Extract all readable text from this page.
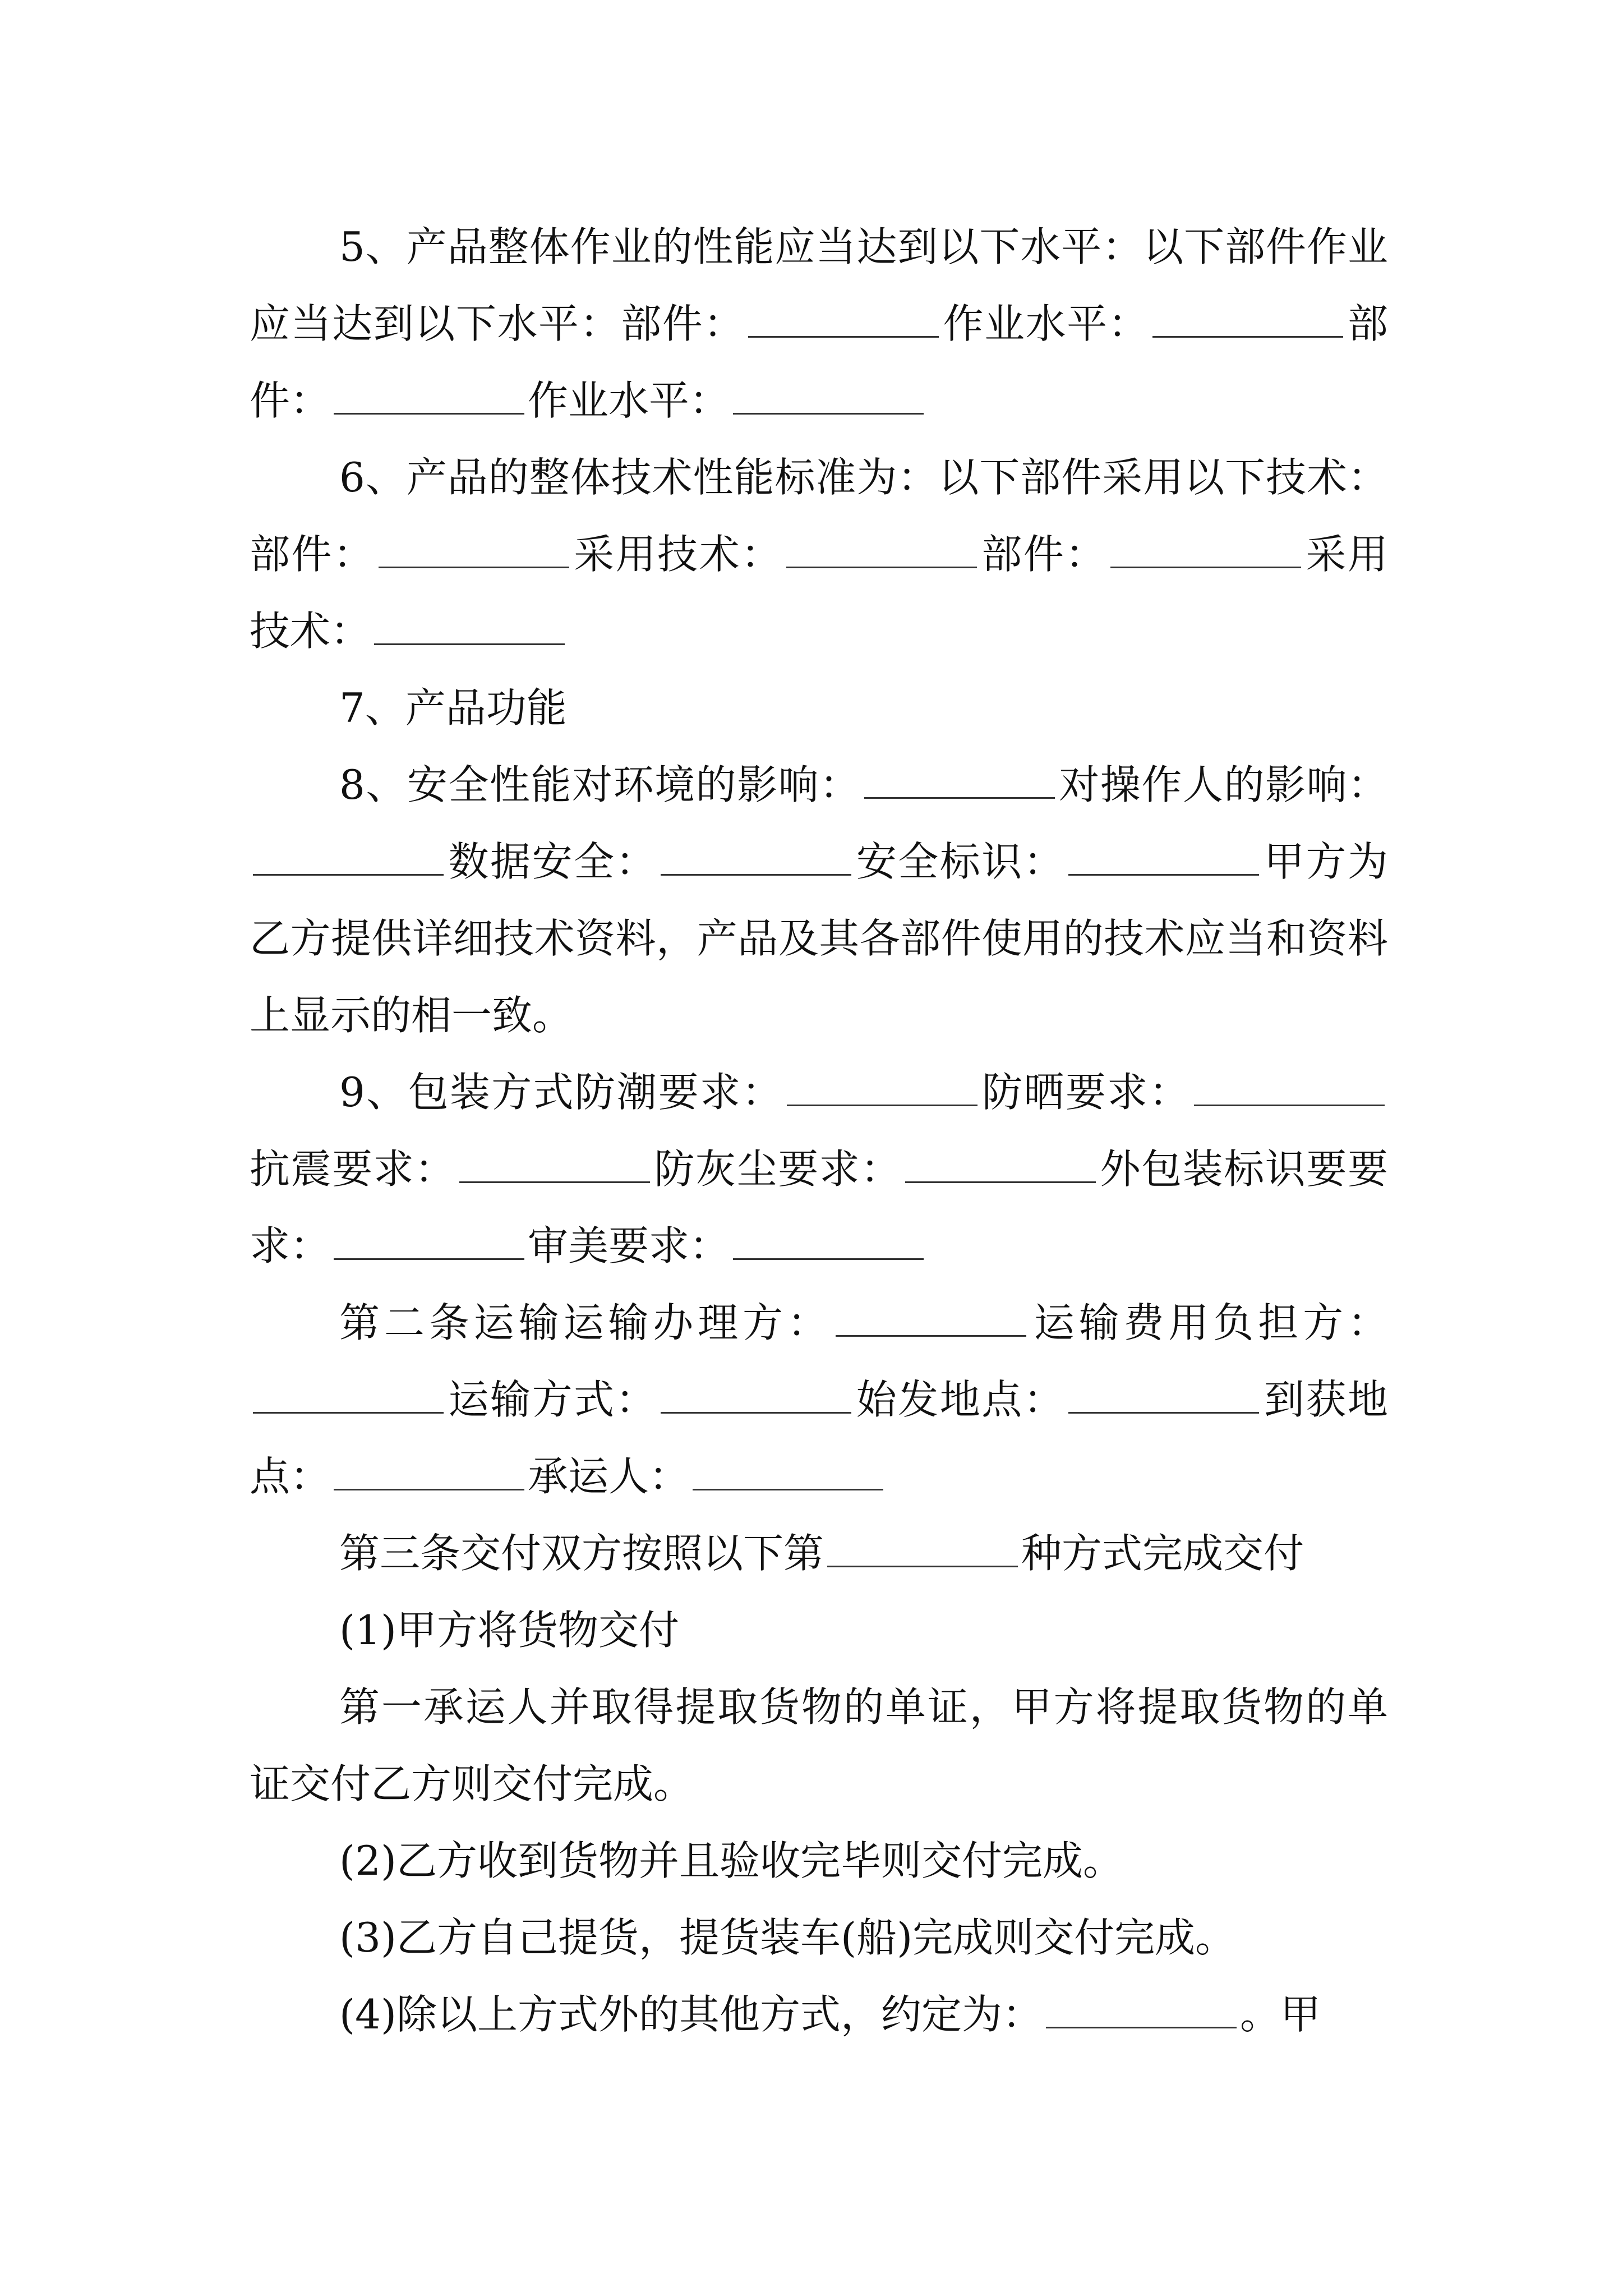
5、产品整体作业的性能应当达到以下水平：以下部件作业应当达到以下水平：部件：	作业水平：	部件：	作业水平：

6、产品的整体技术性能标准为：以下部件采用以下技术：部件：	采用技术：	部件：	采用技术：

7、产品功能

8、安全性能对环境的影响：	对操作人的影响：数据安全：	安全标识：	甲方为乙方提供详细技术资料，产品及其各部件使用的技术应当和资料上显示的相一致。

9、包装方式防潮要求：	防晒要求：抗震要求：	防灰尘要求：	外包装标识要要求：	审美要求：

第二条运输运输办理方：	运输费用负担方：运输方式：	始发地点：	到获地点：	承运人：

第三条交付双方按照以下第	种方式完成交付

(1)甲方将货物交付

第一承运人并取得提取货物的单证，甲方将提取货物的单证交付乙方则交付完成。

(2)乙方收到货物并且验收完毕则交付完成。

(3)乙方自己提货，提货装车(船)完成则交付完成。

(4)除以上方式外的其他方式，约定为：	。甲
